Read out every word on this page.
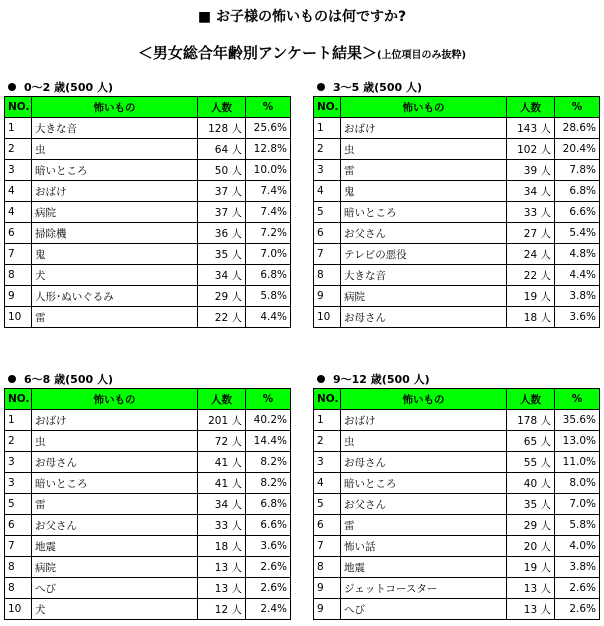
■ お子様の怖いものは何ですか?
＜男女総合年齢別アンケート結果＞(上位項目のみ抜粋)
0～2 歳(500 人)
NO.	怖いもの	人数	%
1	大きな音	128 人	25.6%
2	虫	64 人	12.8%
3	暗いところ	50 人	10.0%
4	おばけ	37 人	7.4%
4	病院	37 人	7.4%
6	掃除機	36 人	7.2%
7	鬼	35 人	7.0%
8	犬	34 人	6.8%
9	人形･ぬいぐるみ	29 人	5.8%
10	雷	22 人	4.4%
3～5 歳(500 人)
NO.	怖いもの	人数	%
1	おばけ	143 人	28.6%
2	虫	102 人	20.4%
3	雷	39 人	7.8%
4	鬼	34 人	6.8%
5	暗いところ	33 人	6.6%
6	お父さん	27 人	5.4%
7	テレビの悪役	24 人	4.8%
8	大きな音	22 人	4.4%
9	病院	19 人	3.8%
10	お母さん	18 人	3.6%
6～8 歳(500 人)
NO.	怖いもの	人数	%
1	おばけ	201 人	40.2%
2	虫	72 人	14.4%
3	お母さん	41 人	8.2%
3	暗いところ	41 人	8.2%
5	雷	34 人	6.8%
6	お父さん	33 人	6.6%
7	地震	18 人	3.6%
8	病院	13 人	2.6%
8	へび	13 人	2.6%
10	犬	12 人	2.4%
9～12 歳(500 人)
NO.	怖いもの	人数	%
1	おばけ	178 人	35.6%
2	虫	65 人	13.0%
3	お母さん	55 人	11.0%
4	暗いところ	40 人	8.0%
5	お父さん	35 人	7.0%
6	雷	29 人	5.8%
7	怖い話	20 人	4.0%
8	地震	19 人	3.8%
9	ジェットコースター	13 人	2.6%
9	へび	13 人	2.6%
